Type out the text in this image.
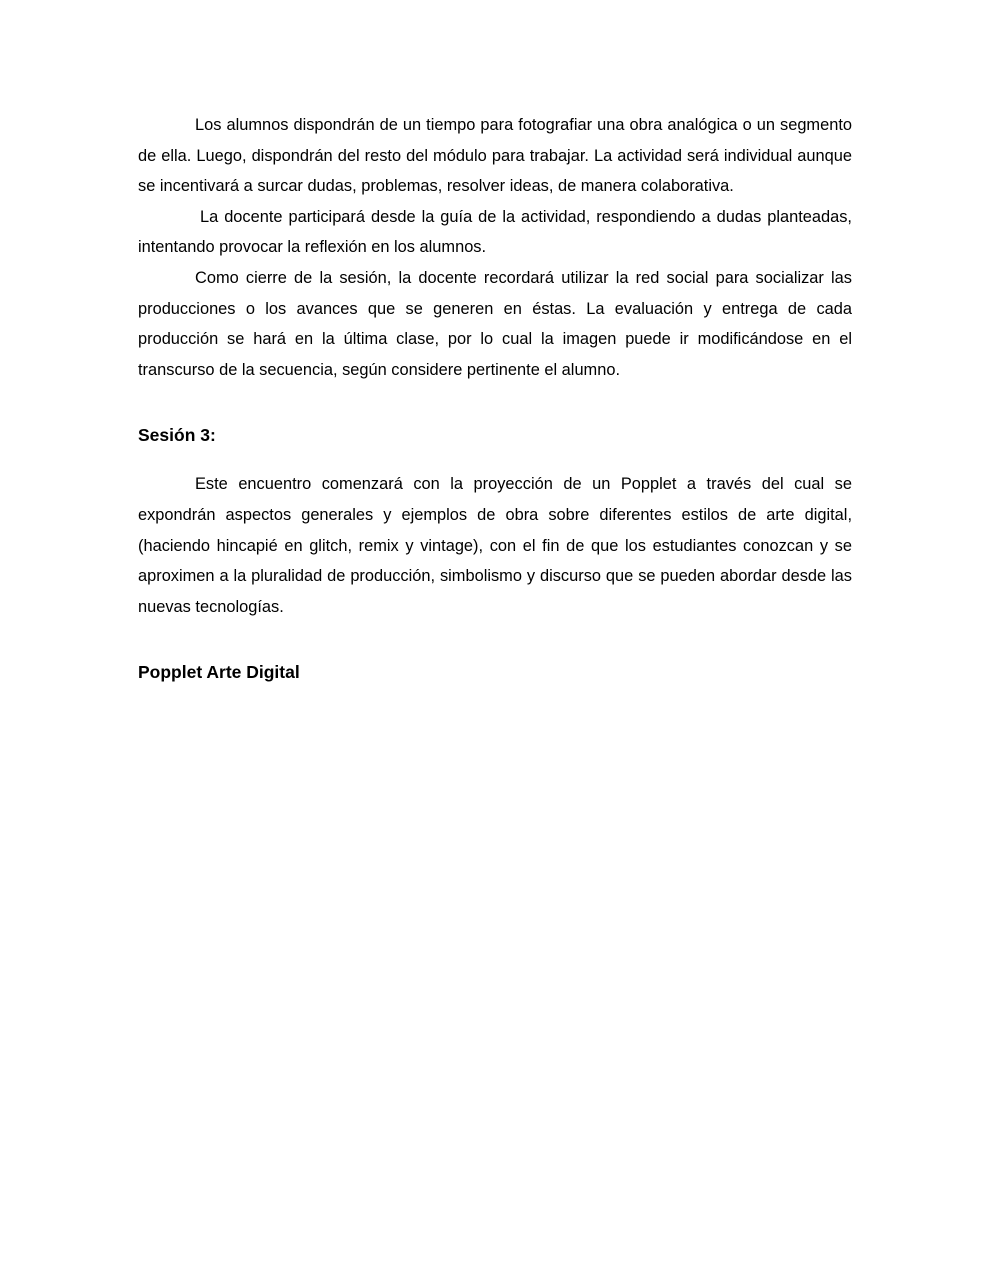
Los alumnos dispondrán de un tiempo para fotografiar una obra analógica o un segmento de ella. Luego, dispondrán del resto del módulo para trabajar. La actividad será individual aunque se incentivará a surcar dudas, problemas, resolver ideas, de manera colaborativa.

La docente participará desde la guía de la actividad, respondiendo a dudas planteadas, intentando provocar la reflexión en los alumnos.

Como cierre de la sesión, la docente recordará utilizar la red social para socializar las producciones o los avances que se generen en éstas. La evaluación y entrega de cada producción se hará en la última clase, por lo cual la imagen puede ir modificándose en el transcurso de la secuencia, según considere pertinente el alumno.

Sesión 3:

Este encuentro comenzará con la proyección de un Popplet a través del cual se expondrán aspectos generales y ejemplos de obra sobre diferentes estilos de arte digital, (haciendo hincapié en glitch, remix y vintage), con el fin de que los estudiantes conozcan y se aproximen a la pluralidad de producción, simbolismo y discurso que se pueden abordar desde las nuevas tecnologías.

Popplet Arte Digital
